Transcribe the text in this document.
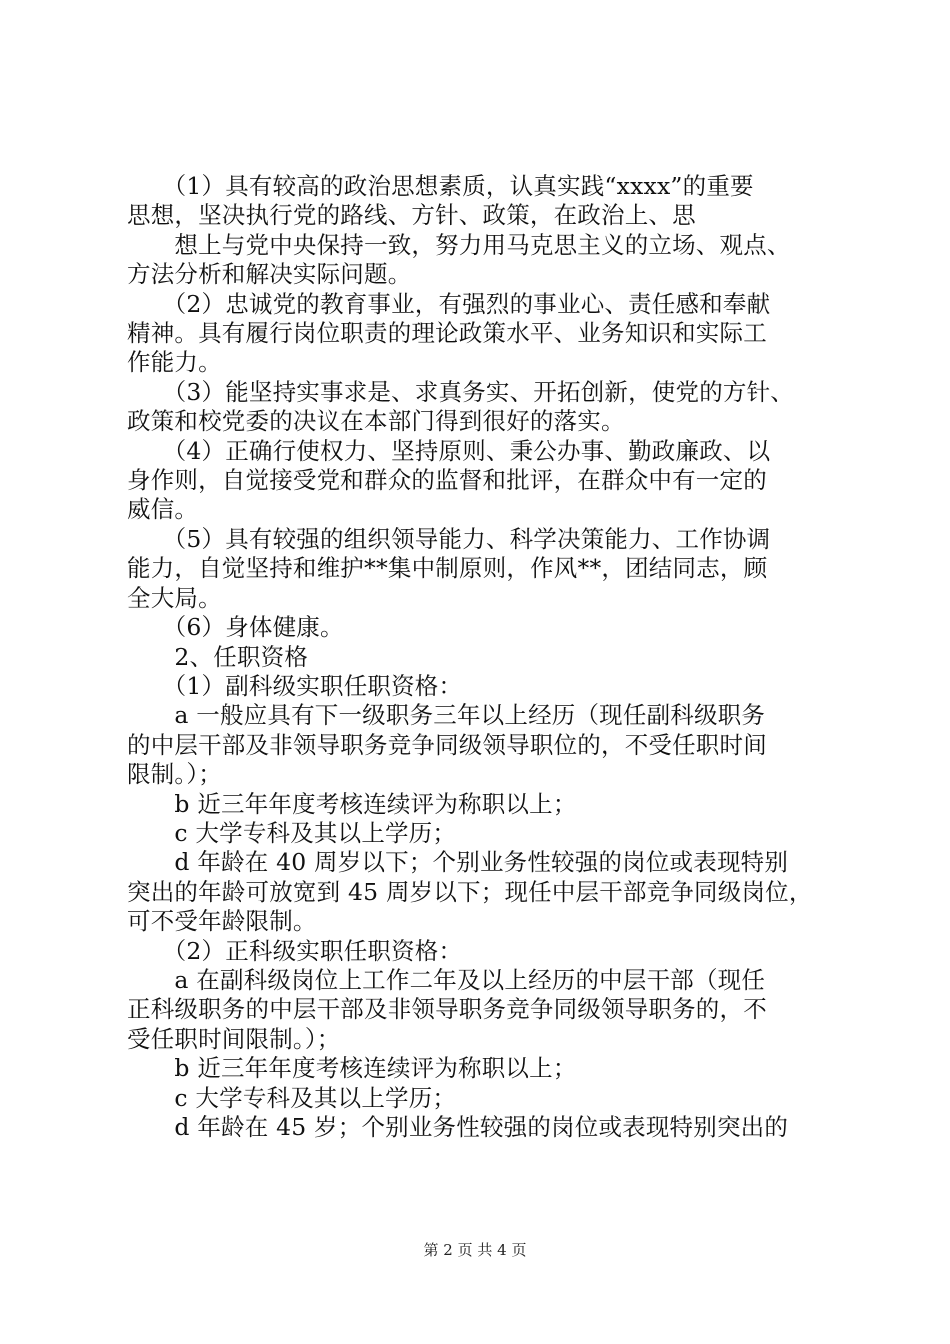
　　（1）具有较高的政治思想素质，认真实践“xxxx”的重要
思想，坚决执行党的路线、方针、政策，在政治上、思
　　想上与党中央保持一致，努力用马克思主义的立场、观点、
方法分析和解决实际问题。
　　（2）忠诚党的教育事业，有强烈的事业心、责任感和奉献
精神。具有履行岗位职责的理论政策水平、业务知识和实际工
作能力。
　　（3）能坚持实事求是、求真务实、开拓创新，使党的方针、
政策和校党委的决议在本部门得到很好的落实。
　　（4）正确行使权力、坚持原则、秉公办事、勤政廉政、以
身作则，自觉接受党和群众的监督和批评，在群众中有一定的
威信。
　　（5）具有较强的组织领导能力、科学决策能力、工作协调
能力，自觉坚持和维护**集中制原则，作风**，团结同志，顾
全大局。
　　（6）身体健康。
　　2、任职资格
　　（1）副科级实职任职资格：
　　a 一般应具有下一级职务三年以上经历（现任副科级职务
的中层干部及非领导职务竞争同级领导职位的，不受任职时间
限制。）；
　　b 近三年年度考核连续评为称职以上；
　　c 大学专科及其以上学历；
　　d 年龄在 40 周岁以下；个别业务性较强的岗位或表现特别
突出的年龄可放宽到 45 周岁以下；现任中层干部竞争同级岗位，
可不受年龄限制。
　　（2）正科级实职任职资格：
　　a 在副科级岗位上工作二年及以上经历的中层干部（现任
正科级职务的中层干部及非领导职务竞争同级领导职务的，不
受任职时间限制。）；
　　b 近三年年度考核连续评为称职以上；
　　c 大学专科及其以上学历；
　　d 年龄在 45 岁；个别业务性较强的岗位或表现特别突出的
第 2 页 共 4 页
